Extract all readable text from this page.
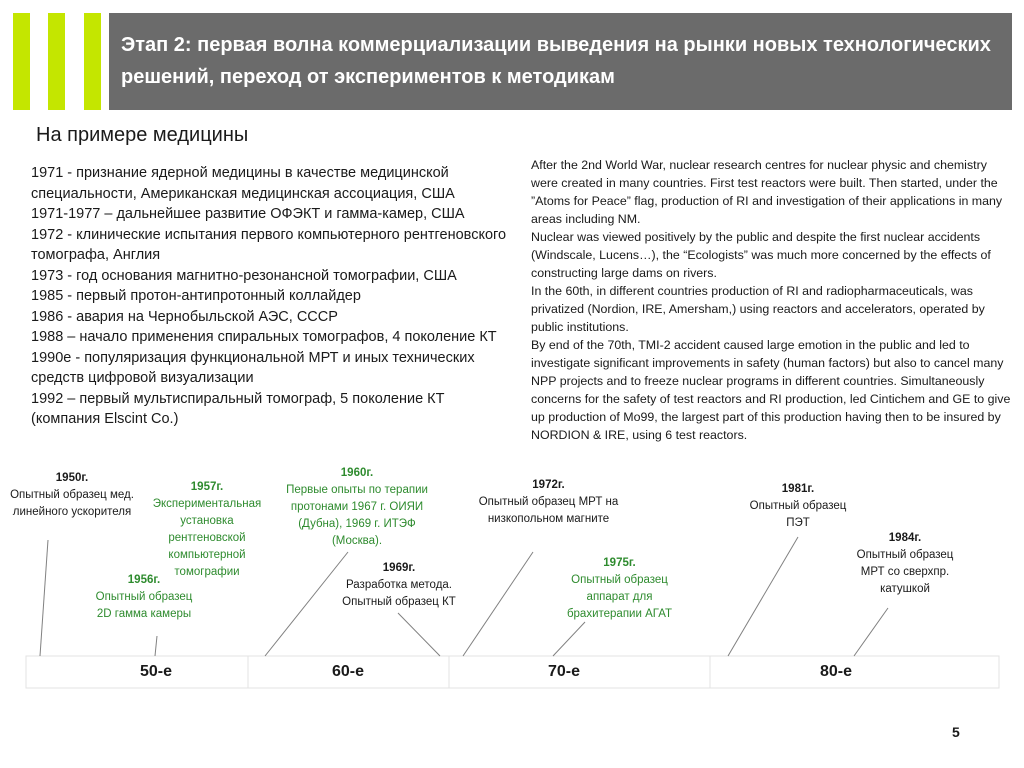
Этап 2: первая волна коммерциализации выведения на рынки новых технологических решений, переход от экспериментов к методикам
На примере медицины
1971 - признание ядерной медицины в качестве медицинской специальности, Американская медицинская ассоциация, США
1971-1977 – дальнейшее развитие ОФЭКТ и гамма-камер, США
1972 - клинические испытания первого компьютерного рентгеновского томографа, Англия
1973 - год основания магнитно-резонансной томографии, США
1985 - первый протон-антипротонный коллайдер
1986 - авария на Чернобыльской АЭС, СССР
1988 – начало применения спиральных томографов, 4 поколение КТ
1990е - популяризация функциональной МРТ и иных технических средств цифровой визуализации
1992 – первый мультиспиральный томограф, 5 поколение КТ (компания Elscint Co.)
After the 2nd World War, nuclear research centres for nuclear physic and chemistry were created in many countries. First test reactors were built. Then started, under the ”Atoms for Peace” flag, production of RI and investigation of their applications in many areas including NM.
Nuclear was viewed positively by the public and despite the first nuclear accidents (Windscale, Lucens…), the “Ecologists” was much more concerned by the effects of constructing large dams on rivers.
In the 60th, in different countries production of RI and radiopharmaceuticals, was privatized (Nordion, IRE, Amersham,) using reactors and accelerators, operated by public institutions.
By end of the 70th, TMI-2 accident caused large emotion in the public and led to investigate significant improvements in safety (human factors) but also to cancel many NPP projects and to freeze nuclear programs in different countries. Simultaneously concerns for the safety of test reactors and RI production, led Cintichem and GE to give up production of Mo99, the largest part of this production having then to be insured by NORDION & IRE, using 6 test reactors.
1950г.
Опытный образец мед. линейного ускорителя
1957г.
Экспериментальная установка рентгеновской компьютерной томографии
1956г.
Опытный образец 2D гамма камеры
1960г.
Первые опыты по терапии протонами 1967 г. ОИЯИ (Дубна), 1969 г. ИТЭФ (Москва).
1969г.
Разработка метода. Опытный образец КТ
1972г.
Опытный образец МРТ на низкопольном магните
1975г.
Опытный образец аппарат для брахитерапии АГАТ
1981г.
Опытный образец ПЭТ
1984г.
Опытный образец МРТ со сверхпр. катушкой
50-е	60-е	70-е	80-е
5
